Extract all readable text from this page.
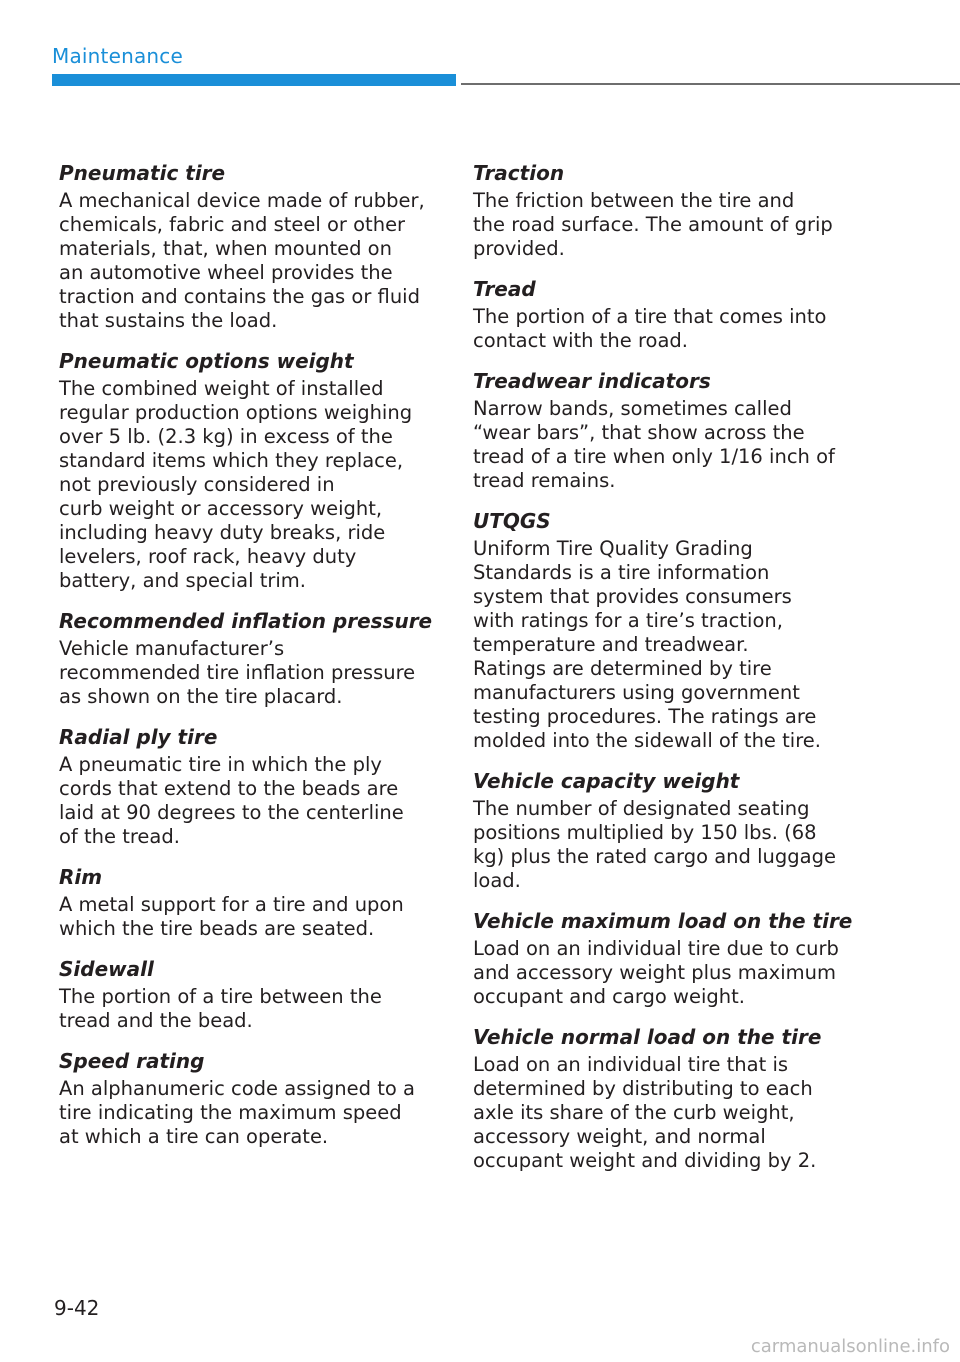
Maintenance
Pneumatic tire

A mechanical device made of rubber,
chemicals, fabric and steel or other
materials, that, when mounted on
an automotive wheel provides the
traction and contains the gas or fluid
that sustains the load.

Pneumatic options weight

The combined weight of installed
regular production options weighing
over 5 lb. (2.3 kg) in excess of the
standard items which they replace,
not previously considered in
curb weight or accessory weight,
including heavy duty breaks, ride
levelers, roof rack, heavy duty
battery, and special trim.

Recommended inflation pressure

Vehicle manufacturer’s
recommended tire inflation pressure
as shown on the tire placard.

Radial ply tire

A pneumatic tire in which the ply
cords that extend to the beads are
laid at 90 degrees to the centerline
of the tread.

Rim

A metal support for a tire and upon
which the tire beads are seated.

Sidewall

The portion of a tire between the
tread and the bead.

Speed rating

An alphanumeric code assigned to a
tire indicating the maximum speed
at which a tire can operate.

Traction

The friction between the tire and
the road surface. The amount of grip
provided.

Tread

The portion of a tire that comes into
contact with the road.

Treadwear indicators

Narrow bands, sometimes called
“wear bars”, that show across the
tread of a tire when only 1/16 inch of
tread remains.

UTQGS

Uniform Tire Quality Grading
Standards is a tire information
system that provides consumers
with ratings for a tire’s traction,
temperature and treadwear.
Ratings are determined by tire
manufacturers using government
testing procedures. The ratings are
molded into the sidewall of the tire.

Vehicle capacity weight

The number of designated seating
positions multiplied by 150 lbs. (68
kg) plus the rated cargo and luggage
load.

Vehicle maximum load on the tire

Load on an individual tire due to curb
and accessory weight plus maximum
occupant and cargo weight.

Vehicle normal load on the tire

Load on an individual tire that is
determined by distributing to each
axle its share of the curb weight,
accessory weight, and normal
occupant weight and dividing by 2.

9-42
carmanualsonline.info
